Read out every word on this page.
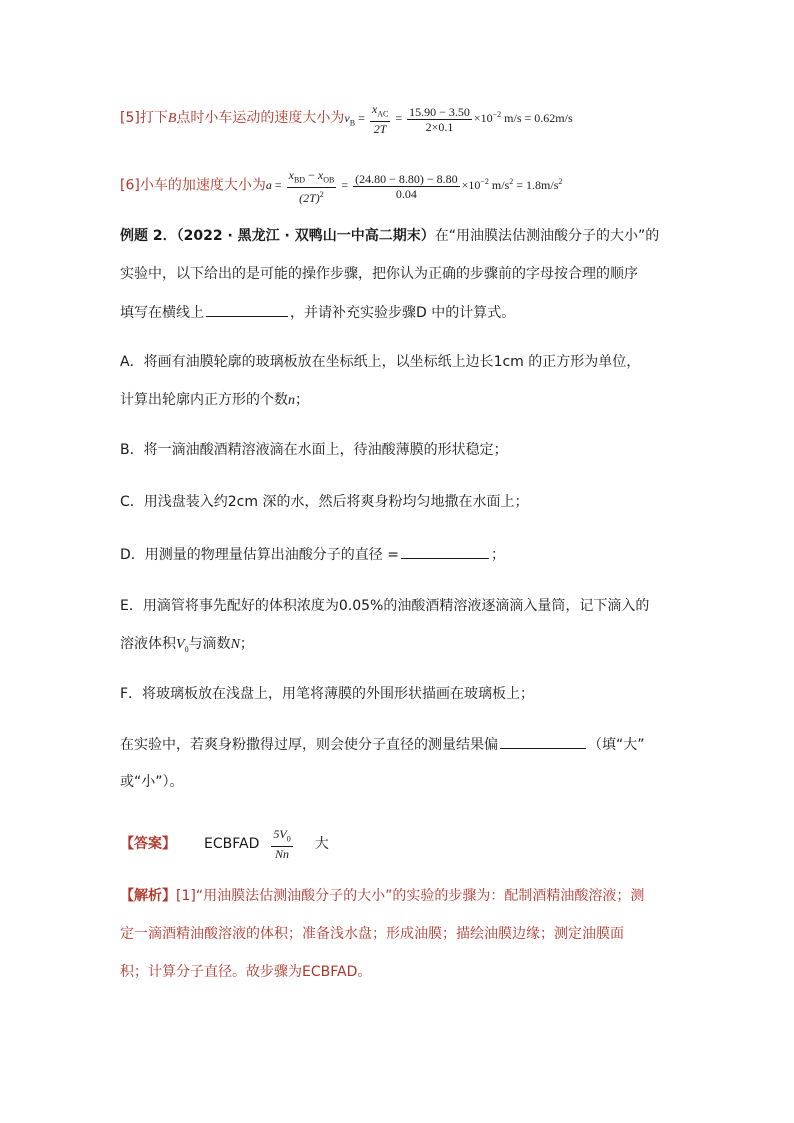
[5]打下B点时小车运动的速度大小为$v_B = \frac{x_{AC}}{2T} = \frac{15.90 - 3.50}{2\times 0.1} \times 10^{-2}$ m/s = 0.62m/s
[6]小车的加速度大小为$a = \frac{x_{BD} - x_{OB}}{(2T)^2} = \frac{(24.80 - 8.80) - 8.80}{0.04} \times 10^{-2}$ $m/s^2 = 1.8m/s^2$
例题 2．（2022 · 黑龙江 · 双鸭山一中高二期末）在“用油膜法估测油酸分子的大小”的
实验中，以下给出的是可能的操作步骤，把你认为正确的步骤前的字母按合理的顺序
填写在横线上	，并请补充实验步骤D 中的计算式。
A．将画有油膜轮廓的玻璃板放在坐标纸上，以坐标纸上边长1cm 的正方形为单位，
计算出轮廓内正方形的个数n；
B．将一滴油酸酒精溶液滴在水面上，待油酸薄膜的形状稳定；
C．用浅盘装入约2cm 深的水，然后将爽身粉均匀地撒在水面上；
D．用测量的物理量估算出油酸分子的直径 =	；
E．用滴管将事先配好的体积浓度为0.05%的油酸酒精溶液逐滴滴入量筒，记下滴入的
溶液体积$V_0$与滴数N；
F．将玻璃板放在浅盘上，用笔将薄膜的外围形状描画在玻璃板上；
在实验中，若爽身粉撒得过厚，则会使分子直径的测量结果偏	（填“大”
或“小”）。
【答案】 ECBFAD $\frac{5V_0}{Nn}$ 大
【解析】[1]“用油膜法估测油酸分子的大小”的实验的步骤为：配制酒精油酸溶液；测
定一滴酒精油酸溶液的体积；准备浅水盘；形成油膜；描绘油膜边缘；测定油膜面
积；计算分子直径。故步骤为ECBFAD。
